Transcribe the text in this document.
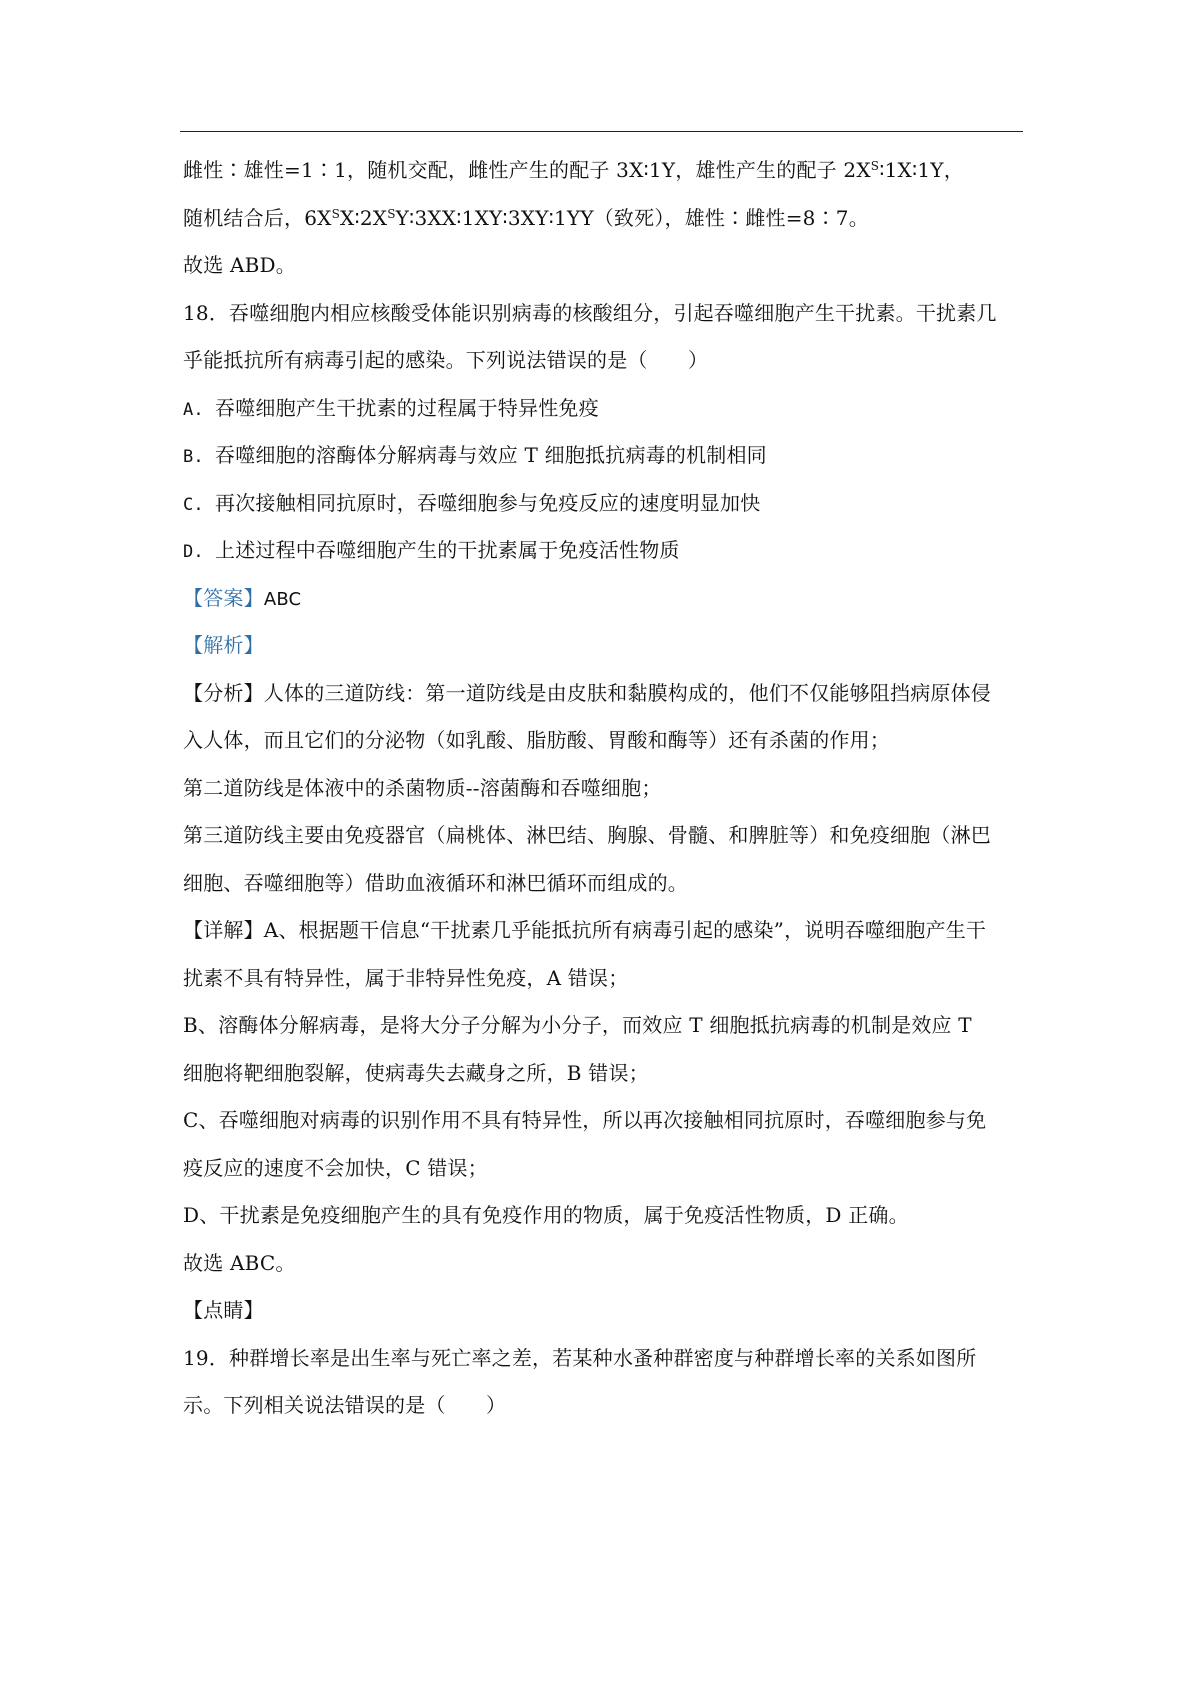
雌性∶雄性=1∶1，随机交配，雌性产生的配子 3X∶1Y，雄性产生的配子 $2X^S∶1X∶1Y$，
随机结合后，$6X^SX∶2X^SY∶3XX∶1XY∶3XY∶1YY$（致死），雄性∶雌性=8∶7。
故选 ABD。
18．吞噬细胞内相应核酸受体能识别病毒的核酸组分，引起吞噬细胞产生干扰素。干扰素几
乎能抵抗所有病毒引起的感染。下列说法错误的是（　　）
A. 吞噬细胞产生干扰素的过程属于特异性免疫
B. 吞噬细胞的溶酶体分解病毒与效应 T 细胞抵抗病毒的机制相同
C. 再次接触相同抗原时，吞噬细胞参与免疫反应的速度明显加快
D. 上述过程中吞噬细胞产生的干扰素属于免疫活性物质
【答案】ABC
【解析】
【分析】人体的三道防线：第一道防线是由皮肤和黏膜构成的，他们不仅能够阻挡病原体侵
入人体，而且它们的分泌物（如乳酸、脂肪酸、胃酸和酶等）还有杀菌的作用；
第二道防线是体液中的杀菌物质--溶菌酶和吞噬细胞；
第三道防线主要由免疫器官（扁桃体、淋巴结、胸腺、骨髓、和脾脏等）和免疫细胞（淋巴
细胞、吞噬细胞等）借助血液循环和淋巴循环而组成的。
【详解】A、根据题干信息“干扰素几乎能抵抗所有病毒引起的感染”，说明吞噬细胞产生干
扰素不具有特异性，属于非特异性免疫，A 错误；
B、溶酶体分解病毒，是将大分子分解为小分子，而效应 T 细胞抵抗病毒的机制是效应 T
细胞将靶细胞裂解，使病毒失去藏身之所，B 错误；
C、吞噬细胞对病毒的识别作用不具有特异性，所以再次接触相同抗原时，吞噬细胞参与免
疫反应的速度不会加快，C 错误；
D、干扰素是免疫细胞产生的具有免疫作用的物质，属于免疫活性物质，D 正确。
故选 ABC。
【点睛】
19．种群增长率是出生率与死亡率之差，若某种水蚤种群密度与种群增长率的关系如图所
示。下列相关说法错误的是（　　）
